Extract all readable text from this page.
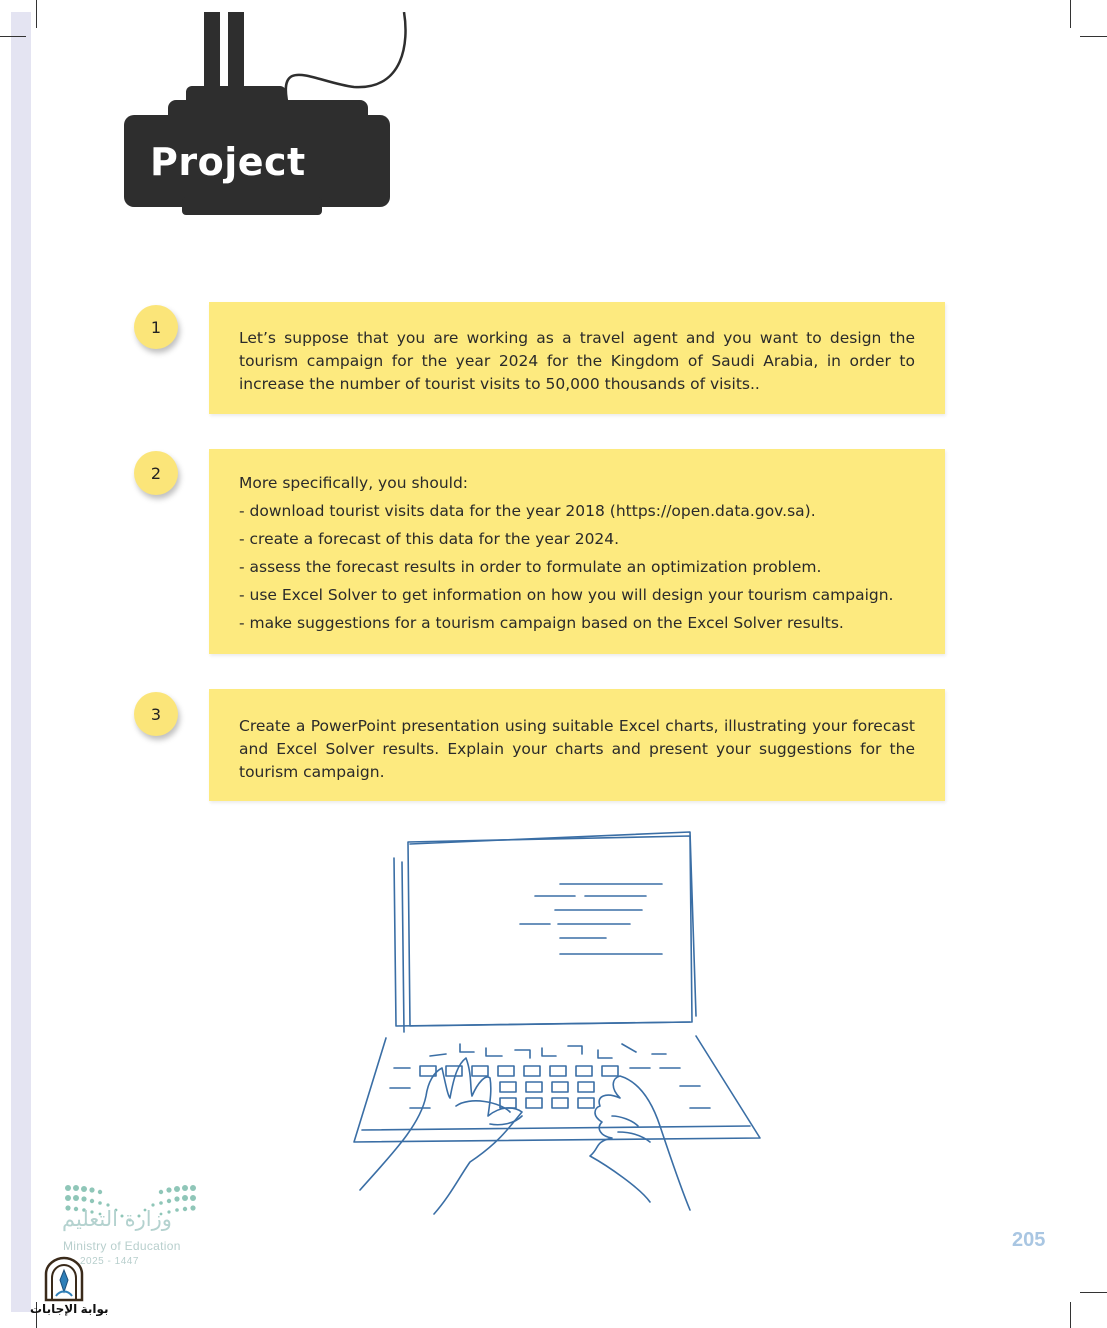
Project
1

Let’s suppose that you are working as a travel agent and you want to design the tourism campaign for the year 2024 for the Kingdom of Saudi Arabia, in order to increase the number of tourist visits to 50,000 thousands of visits..

2
More specifically, you should:
- download tourist visits data for the year 2018 (https://open.data.gov.sa).
- create a forecast of this data for the year 2024.
- assess the forecast results in order to formulate an optimization problem.
- use Excel Solver to get information on how you will design your tourism campaign.
- make suggestions for a tourism campaign based on the Excel Solver results.
3

Create a PowerPoint presentation using suitable Excel charts, illustrating your forecast and Excel Solver results. Explain your charts and present your suggestions for the tourism campaign.

وزارة التعليم
Ministry of Education
2025 - 1447
بوابة الإجابات
205
